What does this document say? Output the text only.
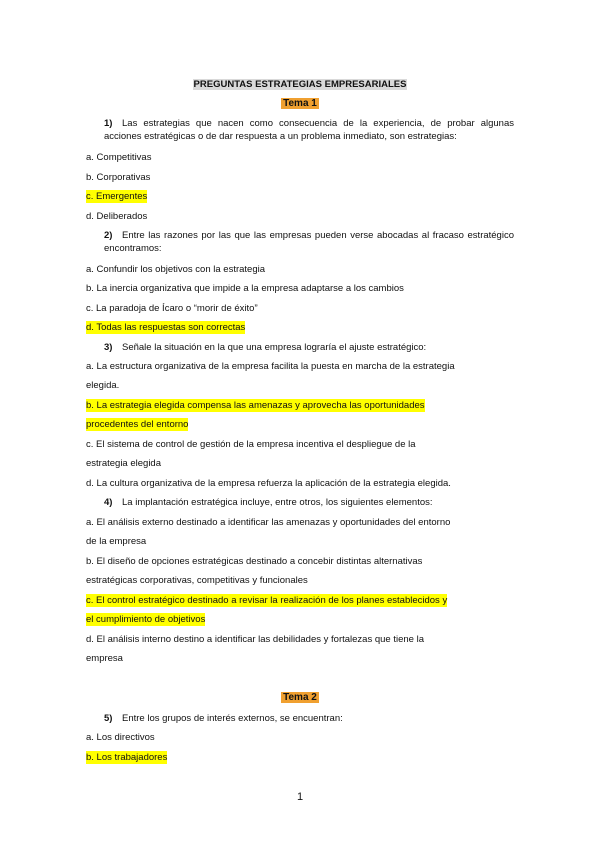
PREGUNTAS ESTRATEGIAS EMPRESARIALES
Tema 1
1) Las estrategias que nacen como consecuencia de la experiencia, de probar algunas acciones estratégicas o de dar respuesta a un problema inmediato, son estrategias:
a. Competitivas
b. Corporativas
c. Emergentes
d. Deliberados
2) Entre las razones por las que las empresas pueden verse abocadas al fracaso estratégico encontramos:
a. Confundir los objetivos con la estrategia
b. La inercia organizativa que impide a la empresa adaptarse a los cambios
c. La paradoja de Ícaro o “morir de éxito”
d. Todas las respuestas son correctas
3) Señale la situación en la que una empresa lograría el ajuste estratégico:
a. La estructura organizativa de la empresa facilita la puesta en marcha de la estrategia
elegida.
b. La estrategia elegida compensa las amenazas y aprovecha las oportunidades
procedentes del entorno
c. El sistema de control de gestión de la empresa incentiva el despliegue de la
estrategia elegida
d. La cultura organizativa de la empresa refuerza la aplicación de la estrategia elegida.
4) La implantación estratégica incluye, entre otros, los siguientes elementos:
a. El análisis externo destinado a identificar las amenazas y oportunidades del entorno
de la empresa
b. El diseño de opciones estratégicas destinado a concebir distintas alternativas
estratégicas corporativas, competitivas y funcionales
c. El control estratégico destinado a revisar la realización de los planes establecidos y
el cumplimiento de objetivos
d. El análisis interno destino a identificar las debilidades y fortalezas que tiene la
empresa
Tema 2
5) Entre los grupos de interés externos, se encuentran:
a. Los directivos
b. Los trabajadores
1
